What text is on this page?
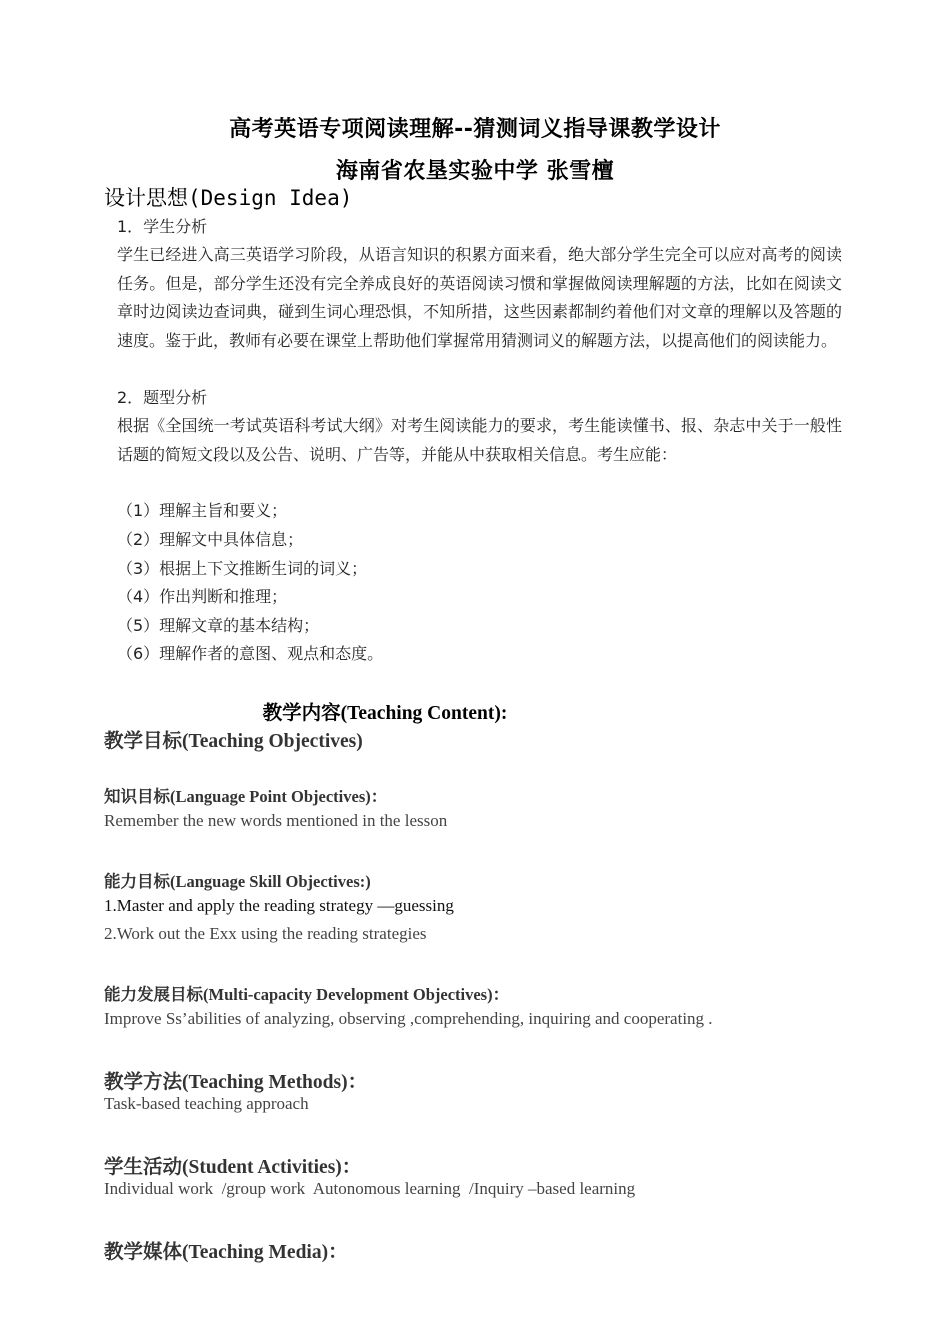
高考英语专项阅读理解--猜测词义指导课教学设计
海南省农垦实验中学 张雪檀
设计思想(Design Idea)
1．学生分析
学生已经进入高三英语学习阶段，从语言知识的积累方面来看，绝大部分学生完全可以应对高考的阅读任务。但是，部分学生还没有完全养成良好的英语阅读习惯和掌握做阅读理解题的方法，比如在阅读文章时边阅读边查词典，碰到生词心理恐惧，不知所措，这些因素都制约着他们对文章的理解以及答题的速度。鉴于此，教师有必要在课堂上帮助他们掌握常用猜测词义的解题方法，以提高他们的阅读能力。
2．题型分析
根据《全国统一考试英语科考试大纲》对考生阅读能力的要求，考生能读懂书、报、杂志中关于一般性话题的简短文段以及公告、说明、广告等，并能从中获取相关信息。考生应能：
（1）理解主旨和要义；
（2）理解文中具体信息；
（3）根据上下文推断生词的词义；
（4）作出判断和推理；
（5）理解文章的基本结构；
（6）理解作者的意图、观点和态度。
教学内容(Teaching Content):
教学目标(Teaching Objectives)
知识目标(Language Point Objectives)：
Remember the new words mentioned in the lesson
能力目标(Language Skill Objectives:)
1.Master and apply the reading strategy —guessing
2.Work out the Exx using the reading strategies
能力发展目标(Multi-capacity Development Objectives)：
Improve Ss’abilities of analyzing, observing ,comprehending, inquiring and cooperating .
教学方法(Teaching Methods)：
Task-based teaching approach
学生活动(Student Activities)：
Individual work  /group work  Autonomous learning  /Inquiry –based learning
教学媒体(Teaching Media)：
